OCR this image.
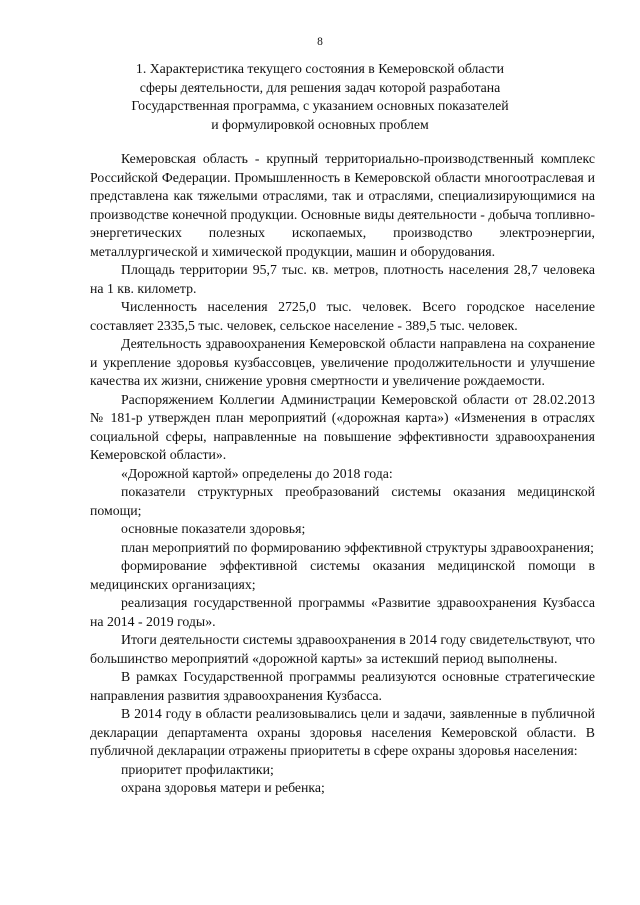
8
1. Характеристика текущего состояния в Кемеровской области
сферы деятельности, для решения задач которой разработана
Государственная программа, с указанием основных показателей
и формулировкой основных проблем

Кемеровская область - крупный территориально-производственный комплекс Российской Федерации. Промышленность в Кемеровской области многоотраслевая и представлена как тяжелыми отраслями, так и отраслями, специализирующимися на производстве конечной продукции. Основные виды деятельности - добыча топливно-энергетических полезных ископаемых, производство электроэнергии, металлургической и химической продукции, машин и оборудования.

Площадь территории 95,7 тыс. кв. метров, плотность населения 28,7 человека на 1 кв. километр.

Численность населения 2725,0 тыс. человек. Всего городское население составляет 2335,5 тыс. человек, сельское население - 389,5 тыс. человек.

Деятельность здравоохранения Кемеровской области направлена на сохранение и укрепление здоровья кузбассовцев, увеличение продолжительности и улучшение качества их жизни, снижение уровня смертности и увеличение рождаемости.

Распоряжением Коллегии Администрации Кемеровской области от 28.02.2013 № 181-р утвержден план мероприятий («дорожная карта») «Изменения в отраслях социальной сферы, направленные на повышение эффективности здравоохранения Кемеровской области».

«Дорожной картой» определены до 2018 года:

показатели структурных преобразований системы оказания медицинской помощи;

основные показатели здоровья;

план мероприятий по формированию эффективной структуры здравоохранения;

формирование эффективной системы оказания медицинской помощи в медицинских организациях;

реализация государственной программы «Развитие здравоохранения Кузбасса на 2014 - 2019 годы».

Итоги деятельности системы здравоохранения в 2014 году свидетельствуют, что большинство мероприятий «дорожной карты» за истекший период выполнены.

В рамках Государственной программы реализуются основные стратегические направления развития здравоохранения Кузбасса.

В 2014 году в области реализовывались цели и задачи, заявленные в публичной декларации департамента охраны здоровья населения Кемеровской области. В публичной декларации отражены приоритеты в сфере охраны здоровья населения:

приоритет профилактики;

охрана здоровья матери и ребенка;
